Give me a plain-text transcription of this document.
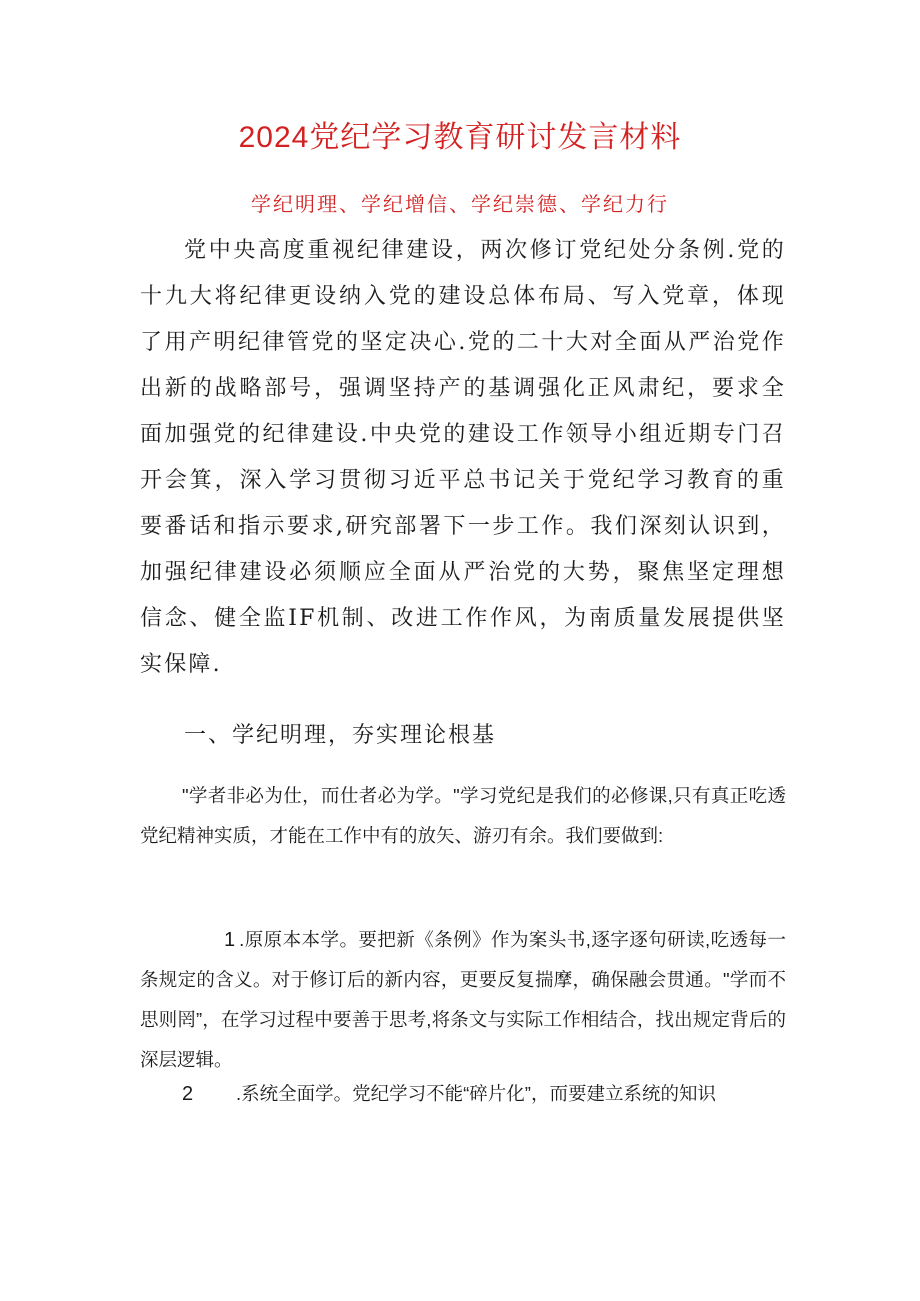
2024党纪学习教育研讨发言材料

学纪明理、学纪增信、学纪崇德、学纪力行

党中央高度重视纪律建设，两次修订党纪处分条例.党的十九大将纪律更设纳入党的建设总体布局、写入党章，体现了用产明纪律管党的坚定决心.党的二十大对全面从严治党作出新的战略部号，强调坚持产的基调强化正风肃纪，要求全面加强党的纪律建设.中央党的建设工作领导小组近期专门召开会箕，深入学习贯彻习近平总书记关于党纪学习教育的重要番话和指示要求,研究部署下一步工作。我们深刻认识到，加强纪律建设必须顺应全面从严治党的大势，聚焦坚定理想信念、健全监IF机制、改进工作作风，为南质量发展提供坚实保障.

一、学纪明理，夯实理论根基

"学者非必为仕，而仕者必为学。"学习党纪是我们的必修课,只有真正吃透党纪精神实质，才能在工作中有的放矢、游刃有余。我们要做到:

1 .原原本本学。要把新《条例》作为案头书,逐字逐句研读,吃透每一条规定的含义。对于修订后的新内容，更要反复揣摩，确保融会贯通。"学而不思则罔”，在学习过程中要善于思考,将条文与实际工作相结合，找出规定背后的深层逻辑。

2 .系统全面学。党纪学习不能“碎片化”，而要建立系统的知识
